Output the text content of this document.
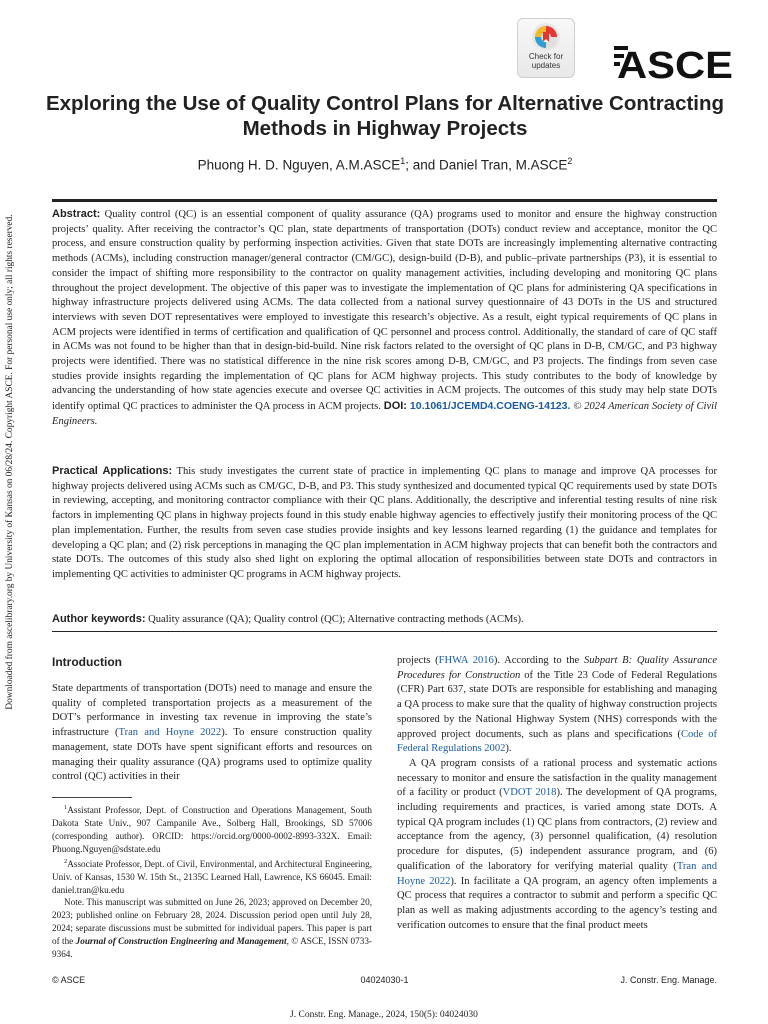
Downloaded from ascelibrary.org by University of Kansas on 06/28/24. Copyright ASCE. For personal use only; all rights reserved.
Check for
updates	ASCE
Exploring the Use of Quality Control Plans for Alternative Contracting Methods in Highway Projects
Phuong H. D. Nguyen, A.M.ASCE$^1$; and Daniel Tran, M.ASCE$^2$

Abstract: Quality control (QC) is an essential component of quality assurance (QA) programs used to monitor and ensure the highway construction projects’ quality. After receiving the contractor’s QC plan, state departments of transportation (DOTs) conduct review and acceptance, monitor the QC process, and ensure construction quality by performing inspection activities. Given that state DOTs are increasingly implementing alternative contracting methods (ACMs), including construction manager/general contractor (CM/GC), design-build (D-B), and public–private partnerships (P3), it is essential to consider the impact of shifting more responsibility to the contractor on quality management activities, including developing and monitoring QC plans throughout the project development. The objective of this paper was to investigate the implementation of QC plans for administering QA specifications in highway infrastructure projects delivered using ACMs. The data collected from a national survey questionnaire of 43 DOTs in the US and structured interviews with seven DOT representatives were employed to investigate this research’s objective. As a result, eight typical requirements of QC plans in ACM projects were identified in terms of certification and qualification of QC personnel and process control. Additionally, the standard of care of QC staff in ACMs was not found to be higher than that in design-bid-build. Nine risk factors related to the oversight of QC plans in D-B, CM/GC, and P3 highway projects were identified. There was no statistical difference in the nine risk scores among D-B, CM/GC, and P3 projects. The findings from seven case studies provide insights regarding the implementation of QC plans for ACM highway projects. This study contributes to the body of knowledge by advancing the understanding of how state agencies execute and oversee QC activities in ACM projects. The outcomes of this study may help state DOTs identify optimal QC practices to administer the QA process in ACM projects. DOI: 10.1061/JCEMD4.COENG-14123. © 2024 American Society of Civil Engineers.

Practical Applications: This study investigates the current state of practice in implementing QC plans to manage and improve QA processes for highway projects delivered using ACMs such as CM/GC, D-B, and P3. This study synthesized and documented typical QC requirements used by state DOTs in reviewing, accepting, and monitoring contractor compliance with their QC plans. Additionally, the descriptive and inferential testing results of nine risk factors in implementing QC plans in highway projects found in this study enable highway agencies to effectively justify their monitoring process of the QC plan implementation. Further, the results from seven case studies provide insights and key lessons learned regarding (1) the guidance and templates for developing a QC plan; and (2) risk perceptions in managing the QC plan implementation in ACM highway projects that can benefit both the contractors and state DOTs. The outcomes of this study also shed light on exploring the optimal allocation of responsibilities between state DOTs and contractors in implementing QC activities to administer QC programs in ACM highway projects.

Author keywords: Quality assurance (QA); Quality control (QC); Alternative contracting methods (ACMs).

Introduction

State departments of transportation (DOTs) need to manage and ensure the quality of completed transportation projects as a measurement of the DOT’s performance in investing tax revenue in improving the state’s infrastructure (Tran and Hoyne 2022). To ensure construction quality management, state DOTs have spent significant efforts and resources on managing their quality assurance (QA) programs used to optimize quality control (QC) activities in their

$^1$Assistant Professor, Dept. of Construction and Operations Management, South Dakota State Univ., 907 Campanile Ave., Solberg Hall, Brookings, SD 57006 (corresponding author). ORCID: https://orcid.org/0000-0002-8993-332X. Email: Phuong.Nguyen@sdstate.edu

$^2$Associate Professor, Dept. of Civil, Environmental, and Architectural Engineering, Univ. of Kansas, 1530 W. 15th St., 2135C Learned Hall, Lawrence, KS 66045. Email: daniel.tran@ku.edu

Note. This manuscript was submitted on June 26, 2023; approved on December 20, 2023; published online on February 28, 2024. Discussion period open until July 28, 2024; separate discussions must be submitted for individual papers. This paper is part of the Journal of Construction Engineering and Management, © ASCE, ISSN 0733-9364.

projects (FHWA 2016). According to the Subpart B: Quality Assurance Procedures for Construction of the Title 23 Code of Federal Regulations (CFR) Part 637, state DOTs are responsible for establishing and managing a QA process to make sure that the quality of highway construction projects sponsored by the National Highway System (NHS) corresponds with the approved project documents, such as plans and specifications (Code of Federal Regulations 2002).

A QA program consists of a rational process and systematic actions necessary to monitor and ensure the satisfaction in the quality management of a facility or product (VDOT 2018). The development of QA programs, including requirements and practices, is varied among state DOTs. A typical QA program includes (1) QC plans from contractors, (2) review and acceptance from the agency, (3) personnel qualification, (4) resolution procedure for disputes, (5) independent assurance program, and (6) qualification of the laboratory for verifying material quality (Tran and Hoyne 2022). In facilitate a QA program, an agency often implements a QC process that requires a contractor to submit and perform a specific QC plan as well as making adjustments according to the agency’s testing and verification outcomes to ensure that the final product meets

© ASCE	04024030-1	J. Constr. Eng. Manage.
J. Constr. Eng. Manage., 2024, 150(5): 04024030
